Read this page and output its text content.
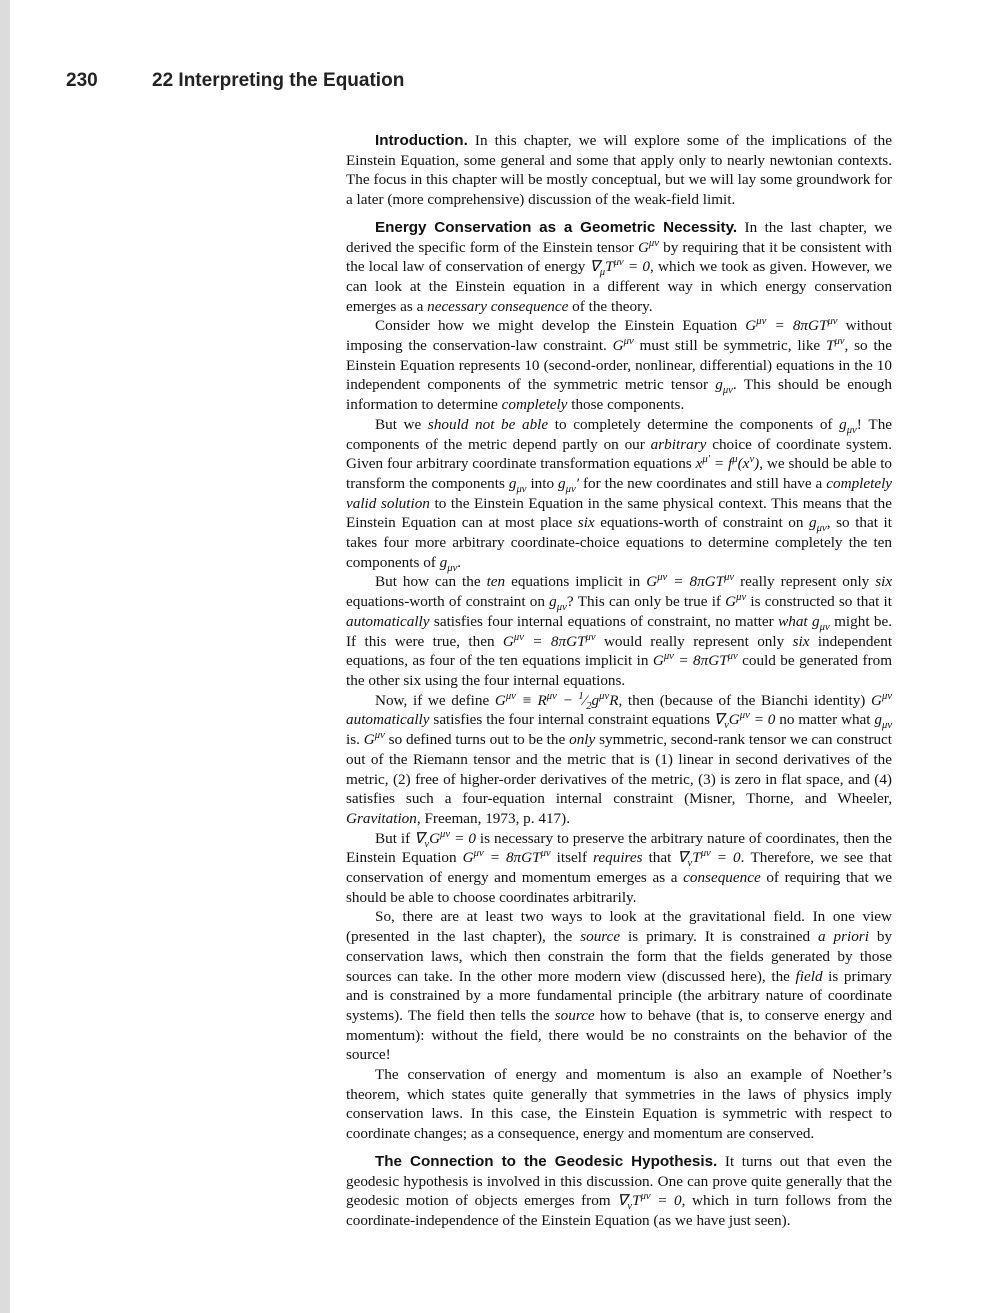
230	22 Interpreting the Equation

Introduction. In this chapter, we will explore some of the implications of the Einstein Equation, some general and some that apply only to nearly newtonian contexts. The focus in this chapter will be mostly conceptual, but we will lay some groundwork for a later (more comprehensive) discussion of the weak-field limit.

Energy Conservation as a Geometric Necessity. In the last chapter, we derived the specific form of the Einstein tensor $G^{\mu\nu}$ by requiring that it be consistent with the local law of conservation of energy $\nabla_\mu T^{\mu\nu} = 0$, which we took as given. However, we can look at the Einstein equation in a different way in which energy conservation emerges as a necessary consequence of the theory.

Consider how we might develop the Einstein Equation $G^{\mu\nu} = 8\pi GT^{\mu\nu}$ without imposing the conservation-law constraint. $G^{\mu\nu}$ must still be symmetric, like $T^{\mu\nu}$, so the Einstein Equation represents 10 (second-order, nonlinear, differential) equations in the 10 independent components of the symmetric metric tensor $g_{\mu\nu}$. This should be enough information to determine completely those components.

But we should not be able to completely determine the components of $g_{\mu\nu}$! The components of the metric depend partly on our arbitrary choice of coordinate system. Given four arbitrary coordinate transformation equations $x^{\mu'} = f^\mu(x^\nu)$, we should be able to transform the components $g_{\mu\nu}$ into $g_{\mu\nu}'$ for the new coordinates and still have a completely valid solution to the Einstein Equation in the same physical context. This means that the Einstein Equation can at most place six equations-worth of constraint on $g_{\mu\nu}$, so that it takes four more arbitrary coordinate-choice equations to determine completely the ten components of $g_{\mu\nu}$.

But how can the ten equations implicit in $G^{\mu\nu} = 8\pi GT^{\mu\nu}$ really represent only six equations-worth of constraint on $g_{\mu\nu}$? This can only be true if $G^{\mu\nu}$ is constructed so that it automatically satisfies four internal equations of constraint, no matter what $g_{\mu\nu}$ might be. If this were true, then $G^{\mu\nu} = 8\pi GT^{\mu\nu}$ would really represent only six independent equations, as four of the ten equations implicit in $G^{\mu\nu} = 8\pi GT^{\mu\nu}$ could be generated from the other six using the four internal equations.

Now, if we define $G^{\mu\nu} \equiv R^{\mu\nu}$ − $^1⁄_2g^{\mu\nu}R$, then (because of the Bianchi identity) $G^{\mu\nu}$ automatically satisfies the four internal constraint equations $\nabla_\nu G^{\mu\nu} = 0$ no matter what $g_{\mu\nu}$ is. $G^{\mu\nu}$ so defined turns out to be the only symmetric, second-rank tensor we can construct out of the Riemann tensor and the metric that is (1) linear in second derivatives of the metric, (2) free of higher-order derivatives of the metric, (3) is zero in flat space, and (4) satisfies such a four-equation internal constraint (Misner, Thorne, and Wheeler, Gravitation, Freeman, 1973, p. 417).

But if $\nabla_\nu G^{\mu\nu} = 0$ is necessary to preserve the arbitrary nature of coordinates, then the Einstein Equation $G^{\mu\nu} = 8\pi GT^{\mu\nu}$ itself requires that $\nabla_\nu T^{\mu\nu} = 0$. Therefore, we see that conservation of energy and momentum emerges as a consequence of requiring that we should be able to choose coordinates arbitrarily.

So, there are at least two ways to look at the gravitational field. In one view (presented in the last chapter), the source is primary. It is constrained a priori by conservation laws, which then constrain the form that the fields generated by those sources can take. In the other more modern view (discussed here), the field is primary and is constrained by a more fundamental principle (the arbitrary nature of coordinate systems). The field then tells the source how to behave (that is, to conserve energy and momentum): without the field, there would be no constraints on the behavior of the source!

The conservation of energy and momentum is also an example of Noether’s theorem, which states quite generally that symmetries in the laws of physics imply conservation laws. In this case, the Einstein Equation is symmetric with respect to coordinate changes; as a consequence, energy and momentum are conserved.

The Connection to the Geodesic Hypothesis. It turns out that even the geodesic hypothesis is involved in this discussion. One can prove quite generally that the geodesic motion of objects emerges from $\nabla_\nu T^{\mu\nu} = 0$, which in turn follows from the coordinate-independence of the Einstein Equation (as we have just seen).
